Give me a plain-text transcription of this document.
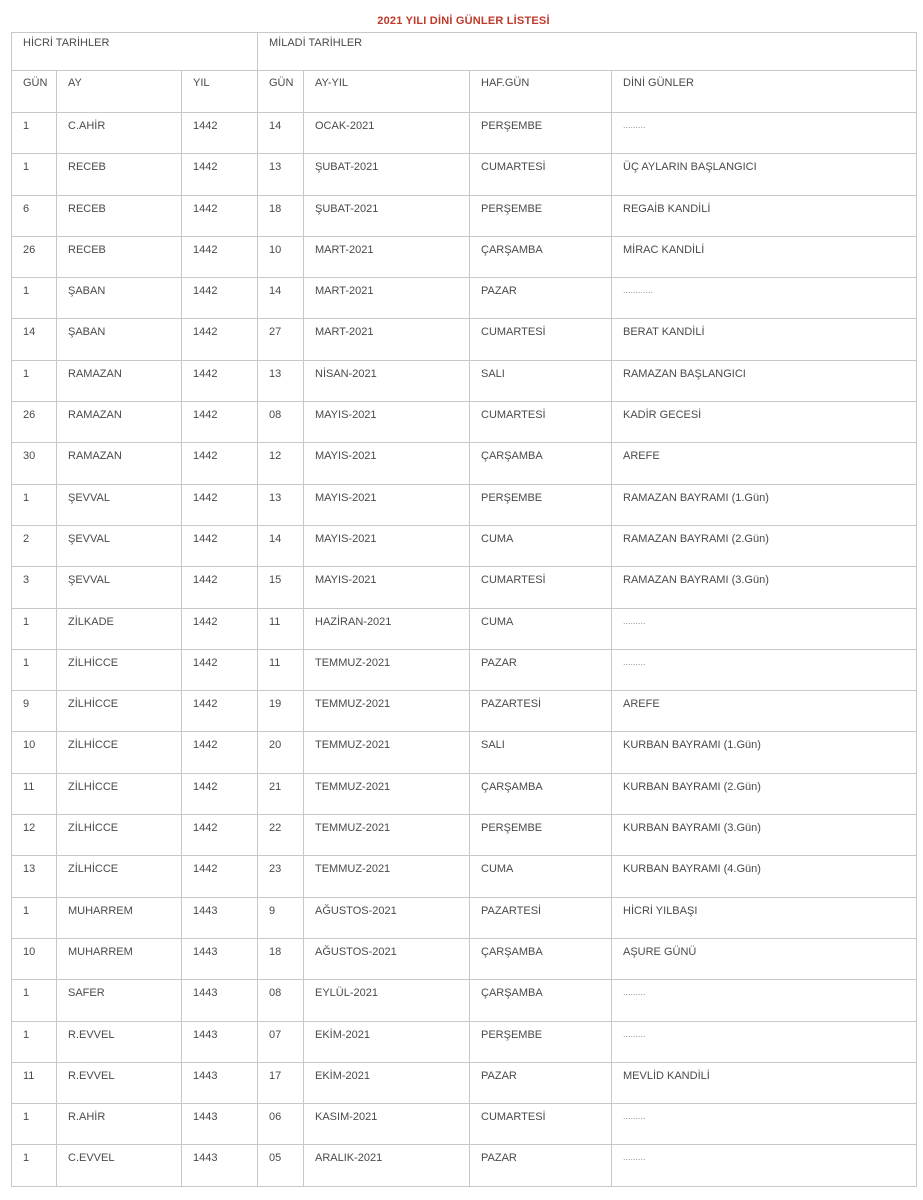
2021 YILI DİNİ GÜNLER LİSTESİ
HİCRİ TARİHLER			MİLADİ TARİHLER			
GÜN	AY	YIL	GÜN	AY-YIL	HAF.GÜN	DİNİ GÜNLER
1	C.AHİR	1442	14	OCAK-2021	PERŞEMBE	.........
1	RECEB	1442	13	ŞUBAT-2021	CUMARTESİ	ÜÇ AYLARIN BAŞLANGICI
6	RECEB	1442	18	ŞUBAT-2021	PERŞEMBE	REGAİB KANDİLİ
26	RECEB	1442	10	MART-2021	ÇARŞAMBA	MİRAC KANDİLİ
1	ŞABAN	1442	14	MART-2021	PAZAR	............
14	ŞABAN	1442	27	MART-2021	CUMARTESİ	BERAT KANDİLİ
1	RAMAZAN	1442	13	NİSAN-2021	SALI	RAMAZAN BAŞLANGICI
26	RAMAZAN	1442	08	MAYIS-2021	CUMARTESİ	KADİR GECESİ
30	RAMAZAN	1442	12	MAYIS-2021	ÇARŞAMBA	AREFE
1	ŞEVVAL	1442	13	MAYIS-2021	PERŞEMBE	RAMAZAN BAYRAMI (1.Gün)
2	ŞEVVAL	1442	14	MAYIS-2021	CUMA	RAMAZAN BAYRAMI (2.Gün)
3	ŞEVVAL	1442	15	MAYIS-2021	CUMARTESİ	RAMAZAN BAYRAMI (3.Gün)
1	ZİLKADE	1442	11	HAZİRAN-2021	CUMA	.........
1	ZİLHİCCE	1442	11	TEMMUZ-2021	PAZAR	.........
9	ZİLHİCCE	1442	19	TEMMUZ-2021	PAZARTESİ	AREFE
10	ZİLHİCCE	1442	20	TEMMUZ-2021	SALI	KURBAN BAYRAMI (1.Gün)
11	ZİLHİCCE	1442	21	TEMMUZ-2021	ÇARŞAMBA	KURBAN BAYRAMI (2.Gün)
12	ZİLHİCCE	1442	22	TEMMUZ-2021	PERŞEMBE	KURBAN BAYRAMI (3.Gün)
13	ZİLHİCCE	1442	23	TEMMUZ-2021	CUMA	KURBAN BAYRAMI (4.Gün)
1	MUHARREM	1443	9	AĞUSTOS-2021	PAZARTESİ	HİCRİ YILBAŞI
10	MUHARREM	1443	18	AĞUSTOS-2021	ÇARŞAMBA	AŞURE GÜNÜ
1	SAFER	1443	08	EYLÜL-2021	ÇARŞAMBA	.........
1	R.EVVEL	1443	07	EKİM-2021	PERŞEMBE	.........
11	R.EVVEL	1443	17	EKİM-2021	PAZAR	MEVLİD KANDİLİ
1	R.AHİR	1443	06	KASIM-2021	CUMARTESİ	.........
1	C.EVVEL	1443	05	ARALIK-2021	PAZAR	.........
